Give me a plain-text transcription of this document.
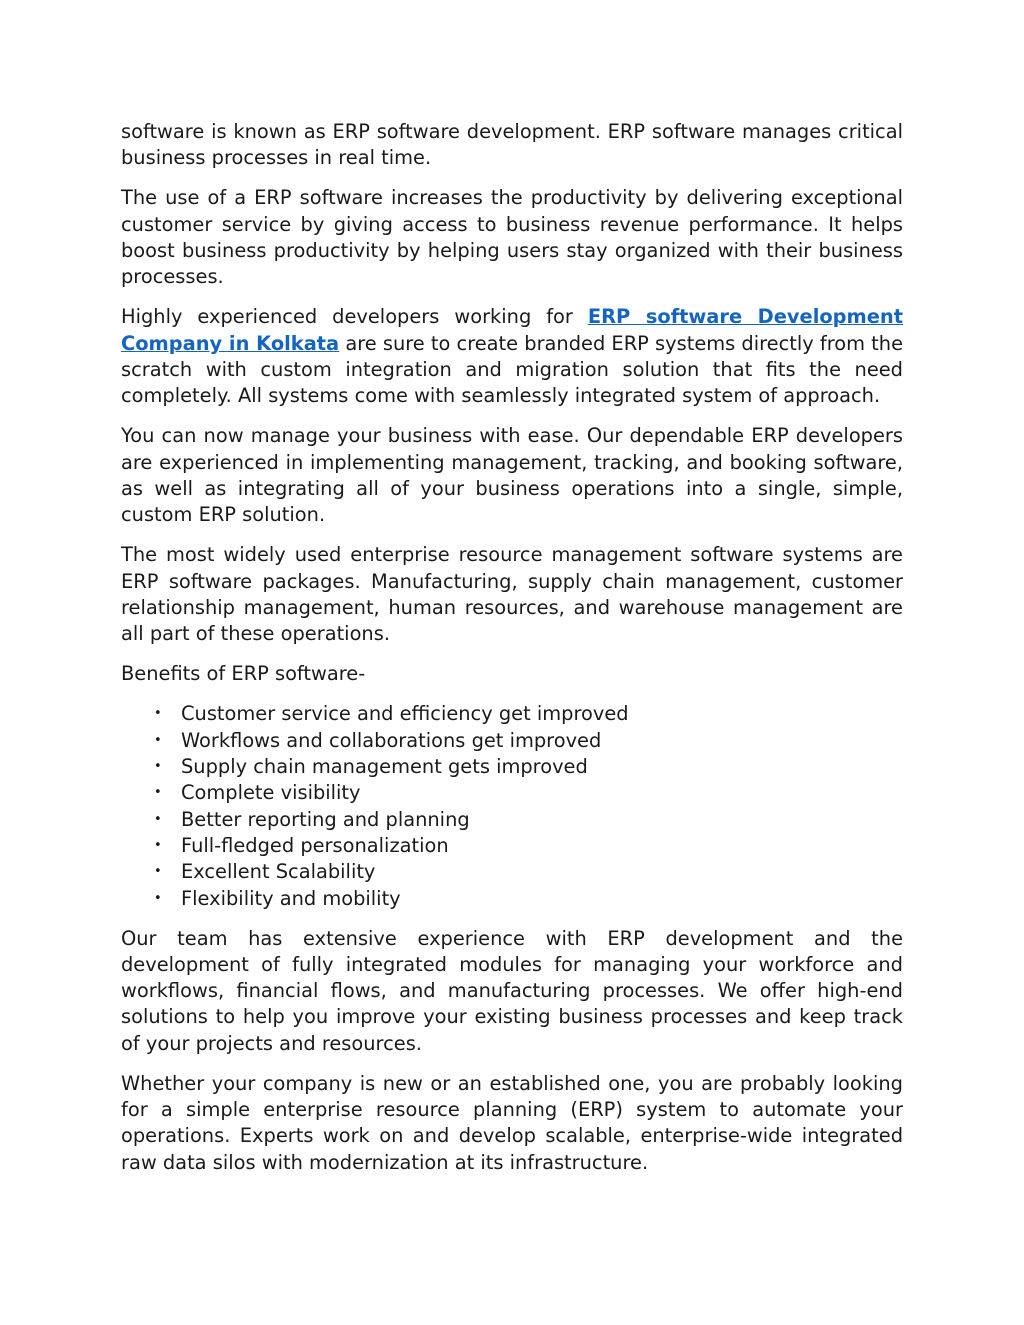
software is known as ERP software development. ERP software manages critical business processes in real time.

The use of a ERP software increases the productivity by delivering exceptional customer service by giving access to business revenue performance. It helps boost business productivity by helping users stay organized with their business processes.

Highly experienced developers working for ERP software Development Company in Kolkata are sure to create branded ERP systems directly from the scratch with custom integration and migration solution that fits the need completely. All systems come with seamlessly integrated system of approach.

You can now manage your business with ease. Our dependable ERP developers are experienced in implementing management, tracking, and booking software, as well as integrating all of your business operations into a single, simple, custom ERP solution.

The most widely used enterprise resource management software systems are ERP software packages. Manufacturing, supply chain management, customer relationship management, human resources, and warehouse management are all part of these operations.

Benefits of ERP software-

• Customer service and efficiency get improved
• Workflows and collaborations get improved
• Supply chain management gets improved
• Complete visibility
• Better reporting and planning
• Full-fledged personalization
• Excellent Scalability
• Flexibility and mobility

Our team has extensive experience with ERP development and the development of fully integrated modules for managing your workforce and workflows, financial flows, and manufacturing processes. We offer high-end solutions to help you improve your existing business processes and keep track of your projects and resources.

Whether your company is new or an established one, you are probably looking for a simple enterprise resource planning (ERP) system to automate your operations. Experts work on and develop scalable, enterprise-wide integrated raw data silos with modernization at its infrastructure.
